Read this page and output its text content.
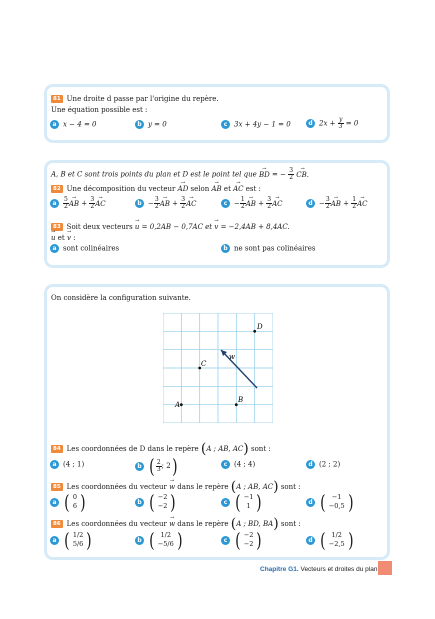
81 Une droite d passe par l'origine du repère.
Une équation possible est :
a x − 4 = 0	b y = 0	c 3x + 4y − 1 = 0	d $2x + \frac{y}{3} = 0$
A, B et C sont trois points du plan et D est le point tel que → BD = − $\frac{3}{2}$ → CB.
82 Une décomposition du vecteur → AD selon → AB et → AC est :
a $\frac{5}{2}$ → AB + $\frac{3}{2}$ → AC	$b - \frac{3}{2}$ → AB + $\frac{3}{2}$ → AC	$c - \frac{1}{2}$ → AB + $\frac{3}{2}$ → AC	$d - \frac{3}{2}$ → AB + $\frac{1}{2}$ → AC
83 Soit deux vecteurs → u = 0,2AB − 0,7AC et → v = −2,4AB + 8,4AC.
→ u et → v :
a sont colinéaires	b ne sont pas colinéaires
On considère la configuration suivante.
A
B
C
D
w
84 Les coordonnées de D dans le repère (A ; AB, AC) sont :
a (4 ; 1)	b ( $\frac{2}{3}$ ; 2)	c (4 ; 4)	d (2 ; 2)
85 Les coordonnées du vecteur → w dans le repère (A ; AB, AC) sont :
a ( 0
6 )	b ( −2
−2 )	c ( −1
1 )	d ( −1
−0,5 )
86 Les coordonnées du vecteur → w dans le repère (A ; BD, BA) sont :
a ( 1/2
5/6 )	b ( 1/2
−5/6 )	c ( −2
−2 )	d ( 1/2
−2,5 )
Chapitre G1. Vecteurs et droites du plan
